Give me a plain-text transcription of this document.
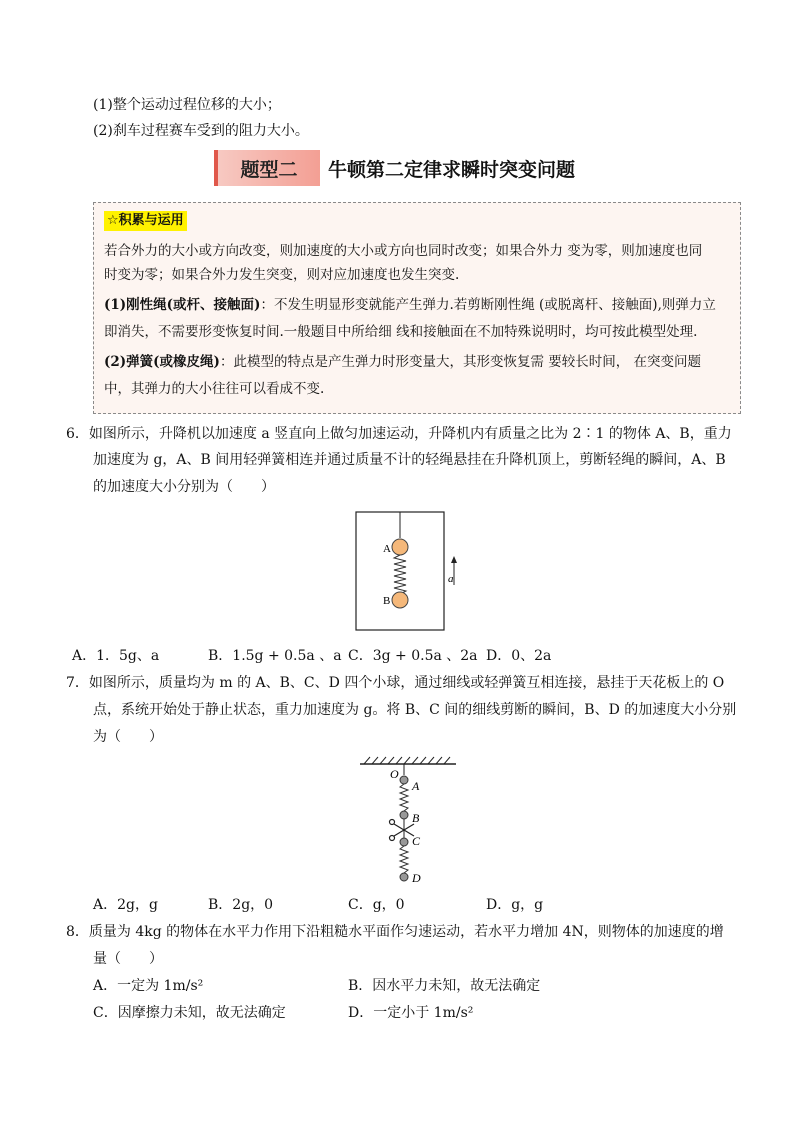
(1)整个运动过程位移的大小；
(2)刹车过程赛车受到的阻力大小。
题型二	牛顿第二定律求瞬时突变问题
☆积累与运用

若合外力的大小或方向改变，则加速度的大小或方向也同时改变；如果合外力 变为零，则加速度也同

时变为零；如果合外力发生突变，则对应加速度也发生突变.

(1)刚性绳(或杆、接触面)：不发生明显形变就能产生弹力.若剪断刚性绳 (或脱离杆、接触面),则弹力立

即消失，不需要形变恢复时间.一般题目中所给细 线和接触面在不加特殊说明时，均可按此模型处理.

(2)弹簧(或橡皮绳)：此模型的特点是产生弹力时形变量大，其形变恢复需 要较长时间， 在突变问题

中，其弹力的大小往往可以看成不变.

6．如图所示，升降机以加速度 a 竖直向上做匀加速运动，升降机内有质量之比为 2∶1 的物体 A、B，重力
加速度为 g，A、B 间用轻弹簧相连并通过质量不计的轻绳悬挂在升降机顶上，剪断轻绳的瞬间，A、B
的加速度大小分别为（　　）
A
B
a
A．1．5g、a	B．1.5g + 0.5a 、a C．3g + 0.5a 、2a D．0、2a
7．如图所示，质量均为 m 的 A、B、C、D 四个小球，通过细线或轻弹簧互相连接，悬挂于天花板上的 O
点，系统开始处于静止状态，重力加速度为 g。将 B、C 间的细线剪断的瞬间，B、D 的加速度大小分别
为（　　）
O
A
B
C
D
A．2g，g	B．2g，0	C．g，0	D．g，g
8．质量为 4kg 的物体在水平力作用下沿粗糙水平面作匀速运动，若水平力增加 4N，则物体的加速度的增
量（　　）
A．一定为 1m/s²	B．因水平力未知，故无法确定
C．因摩擦力未知，故无法确定	D．一定小于 1m/s²
